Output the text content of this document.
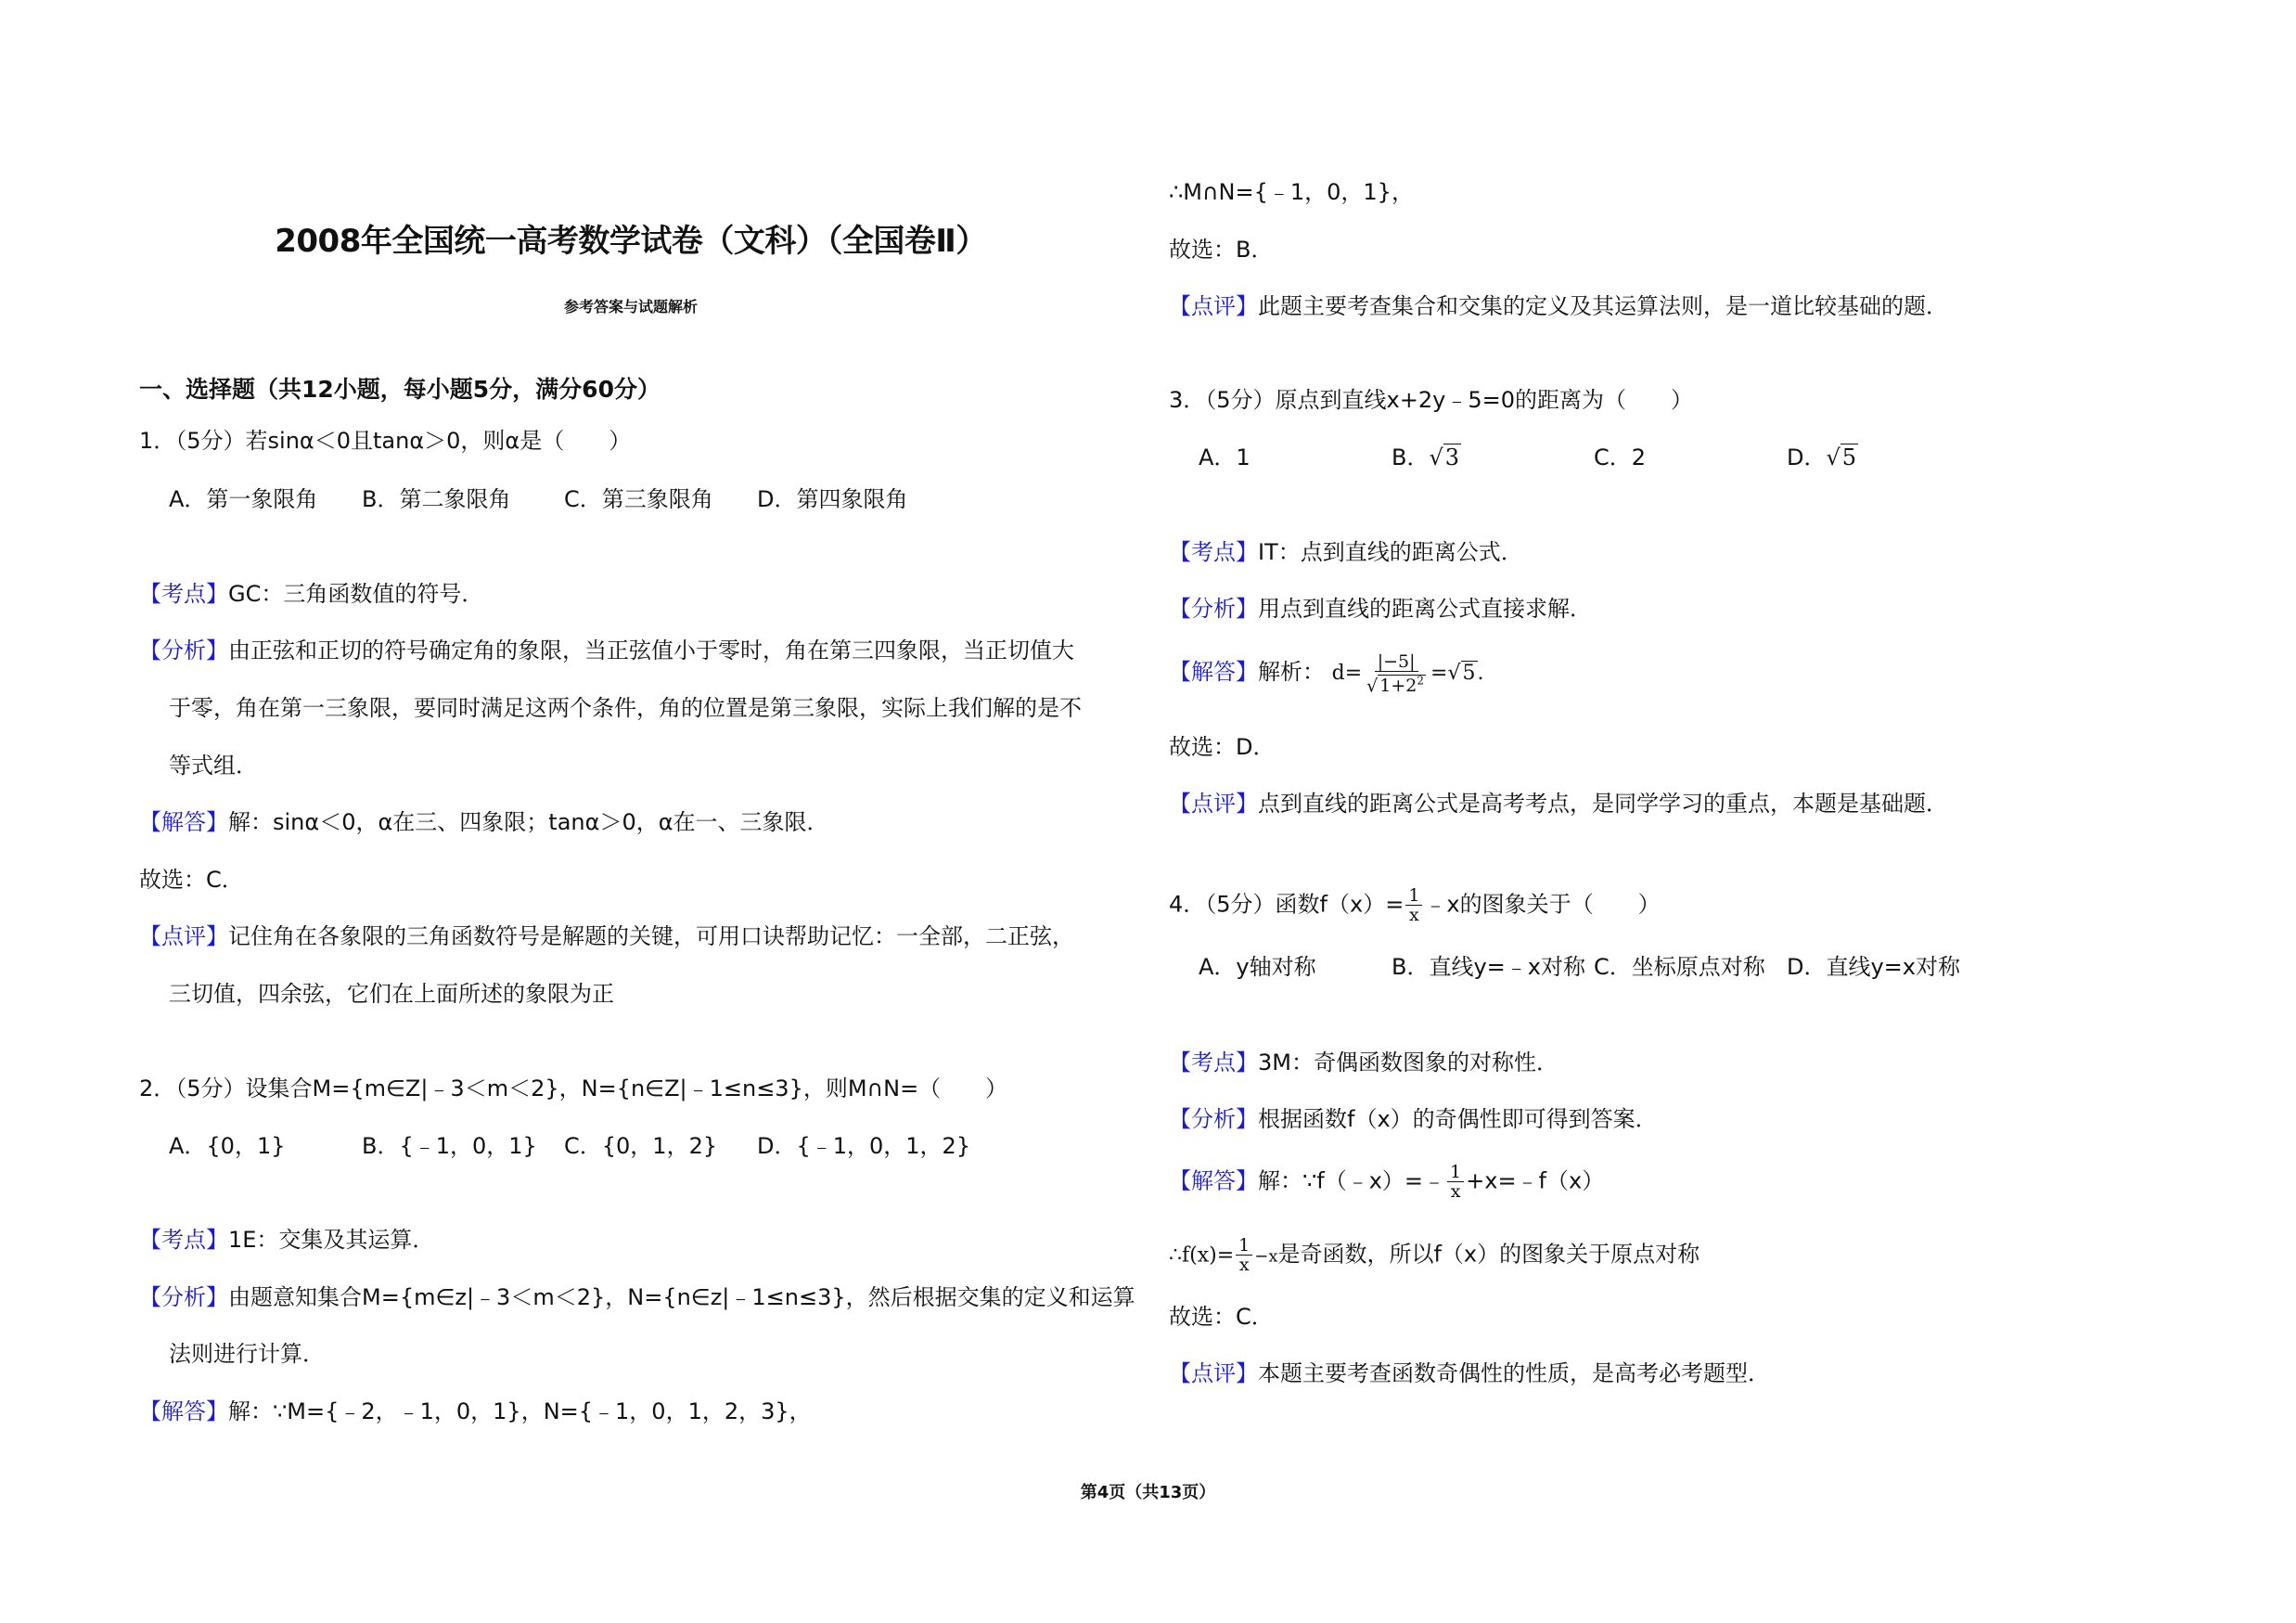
2008年全国统一高考数学试卷（文科）（全国卷Ⅱ）
参考答案与试题解析
一、选择题（共12小题，每小题5分，满分60分）
1．（5分）若sinα＜0且tanα＞0，则α是（　　）
A．第一象限角 B．第二象限角 C．第三象限角 D．第四象限角
【考点】GC：三角函数值的符号．
【分析】由正弦和正切的符号确定角的象限，当正弦值小于零时，角在第三四象限，当正切值大
于零，角在第一三象限，要同时满足这两个条件，角的位置是第三象限，实际上我们解的是不
等式组．
【解答】解：sinα＜0，α在三、四象限；tanα＞0，α在一、三象限．
故选：C．
【点评】记住角在各象限的三角函数符号是解题的关键，可用口诀帮助记忆：一全部，二正弦，
三切值，四余弦，它们在上面所述的象限为正
2．（5分）设集合M={m∈Z|﹣3＜m＜2}，N={n∈Z|﹣1≤n≤3}，则M∩N=（　　）
A．{0，1}	B．{﹣1，0，1} C．{0，1，2} D．{﹣1，0，1，2}
【考点】1E：交集及其运算．
【分析】由题意知集合M={m∈z|﹣3＜m＜2}，N={n∈z|﹣1≤n≤3}，然后根据交集的定义和运算
法则进行计算．
【解答】解：∵M={﹣2，﹣1，0，1}，N={﹣1，0，1，2，3}，
∴M∩N={﹣1，0，1}，
故选：B．
【点评】此题主要考查集合和交集的定义及其运算法则，是一道比较基础的题．
3．（5分）原点到直线x+2y﹣5=0的距离为（　　）
A．1	B．√3	C．2	D．√5
【考点】IT：点到直线的距离公式．
【分析】用点到直线的距离公式直接求解．
【解答】解析： $d= \frac{|-5|}{√ 1+2^2} =√5$.
故选：D．
【点评】点到直线的距离公式是高考考点，是同学学习的重点，本题是基础题．
4．（5分）函数$f(x)= \frac{1}{x}$ ﹣x的图象关于（　　）
A．y轴对称	B．直线y=﹣x对称 C．坐标原点对称 D．直线y=x对称
【考点】3M：奇偶函数图象的对称性．
【分析】根据函数f（x）的奇偶性即可得到答案．
【解答】解：∵f（﹣x）=﹣ $\frac{1}{x}$ +x=﹣f（x）
∴f(x)= $\frac{1}{x} -x$是奇函数，所以f（x）的图象关于原点对称
故选：C．
【点评】本题主要考查函数奇偶性的性质，是高考必考题型．
第4页（共13页）
